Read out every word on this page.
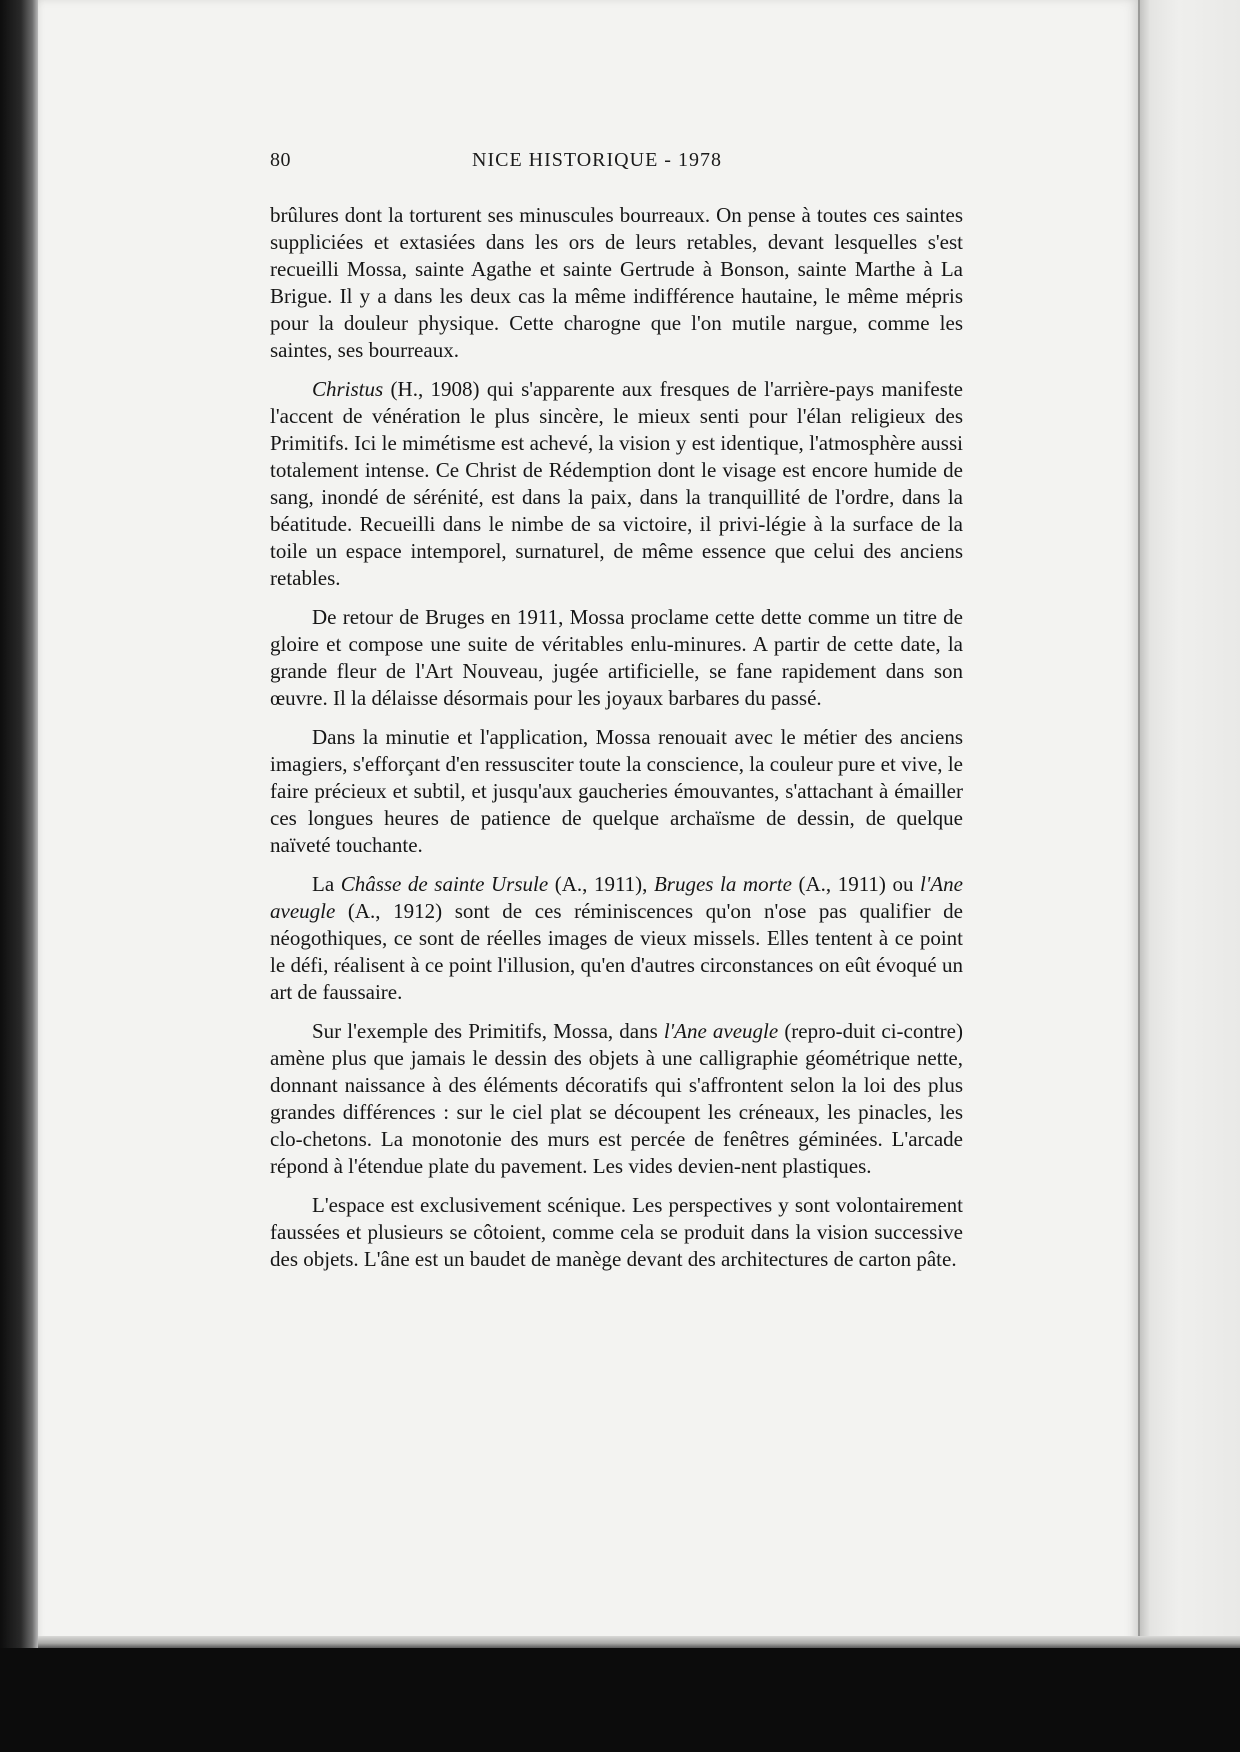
80	NICE HISTORIQUE - 1978

brûlures dont la torturent ses minuscules bourreaux. On pense à toutes ces saintes suppliciées et extasiées dans les ors de leurs retables, devant lesquelles s'est recueilli Mossa, sainte Agathe et sainte Gertrude à Bonson, sainte Marthe à La Brigue. Il y a dans les deux cas la même indifférence hautaine, le même mépris pour la douleur physique. Cette charogne que l'on mutile nargue, comme les saintes, ses bourreaux.

Christus (H., 1908) qui s'apparente aux fresques de l'arrière-pays manifeste l'accent de vénération le plus sincère, le mieux senti pour l'élan religieux des Primitifs. Ici le mimétisme est achevé, la vision y est identique, l'atmosphère aussi totalement intense. Ce Christ de Rédemption dont le visage est encore humide de sang, inondé de sérénité, est dans la paix, dans la tranquillité de l'ordre, dans la béatitude. Recueilli dans le nimbe de sa victoire, il privi-légie à la surface de la toile un espace intemporel, surnaturel, de même essence que celui des anciens retables.

De retour de Bruges en 1911, Mossa proclame cette dette comme un titre de gloire et compose une suite de véritables enlu-minures. A partir de cette date, la grande fleur de l'Art Nouveau, jugée artificielle, se fane rapidement dans son œuvre. Il la délaisse désormais pour les joyaux barbares du passé.

Dans la minutie et l'application, Mossa renouait avec le métier des anciens imagiers, s'efforçant d'en ressusciter toute la conscience, la couleur pure et vive, le faire précieux et subtil, et jusqu'aux gaucheries émouvantes, s'attachant à émailler ces longues heures de patience de quelque archaïsme de dessin, de quelque naïveté touchante.

La Châsse de sainte Ursule (A., 1911), Bruges la morte (A., 1911) ou l'Ane aveugle (A., 1912) sont de ces réminiscences qu'on n'ose pas qualifier de néogothiques, ce sont de réelles images de vieux missels. Elles tentent à ce point le défi, réalisent à ce point l'illusion, qu'en d'autres circonstances on eût évoqué un art de faussaire.

Sur l'exemple des Primitifs, Mossa, dans l'Ane aveugle (repro-duit ci-contre) amène plus que jamais le dessin des objets à une calligraphie géométrique nette, donnant naissance à des éléments décoratifs qui s'affrontent selon la loi des plus grandes différences : sur le ciel plat se découpent les créneaux, les pinacles, les clo-chetons. La monotonie des murs est percée de fenêtres géminées. L'arcade répond à l'étendue plate du pavement. Les vides devien-nent plastiques.

L'espace est exclusivement scénique. Les perspectives y sont volontairement faussées et plusieurs se côtoient, comme cela se produit dans la vision successive des objets. L'âne est un baudet de manège devant des architectures de carton pâte.
